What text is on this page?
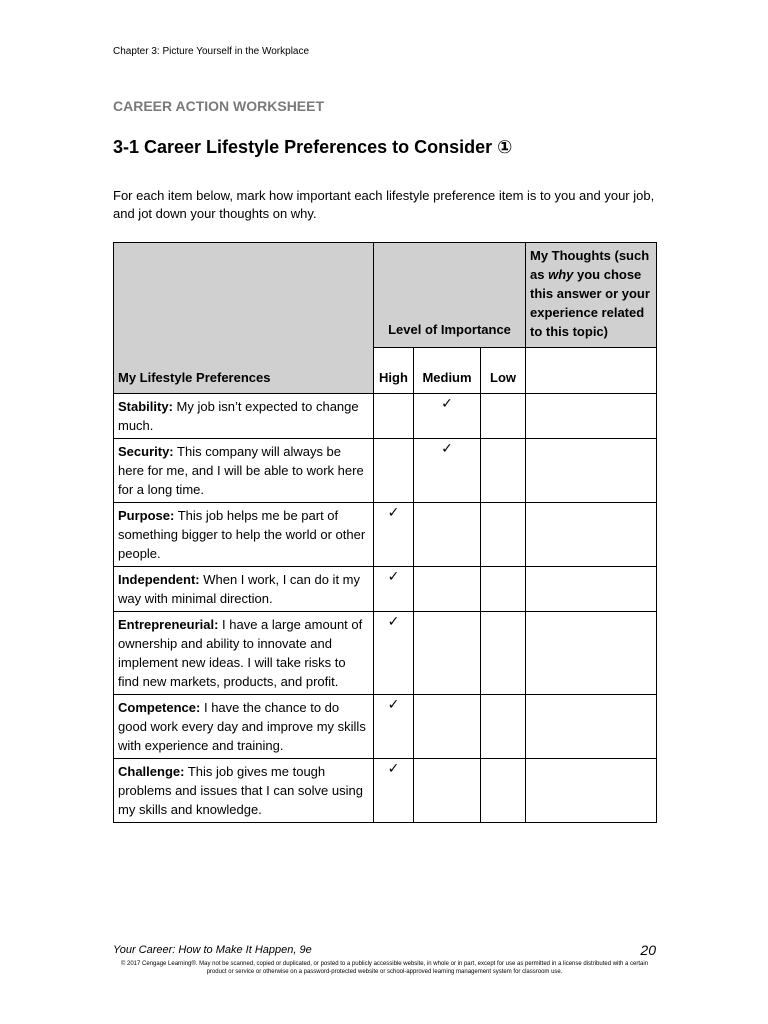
Chapter 3: Picture Yourself in the Workplace
CAREER ACTION WORKSHEET
3-1 Career Lifestyle Preferences to Consider ①
For each item below, mark how important each lifestyle preference item is to you and your job, and jot down your thoughts on why.
My Lifestyle Preferences	Level of Importance			My Thoughts (such as why you chose this answer or your experience related to this topic)
	High	Medium	Low	
Stability: My job isn’t expected to change much.		✓		
Security: This company will always be here for me, and I will be able to work here for a long time.		✓		
Purpose: This job helps me be part of something bigger to help the world or other people.	✓			
Independent: When I work, I can do it my way with minimal direction.	✓			
Entrepreneurial: I have a large amount of ownership and ability to innovate and implement new ideas. I will take risks to find new markets, products, and profit.	✓			
Competence: I have the chance to do good work every day and improve my skills with experience and training.	✓			
Challenge: This job gives me tough problems and issues that I can solve using my skills and knowledge.	✓			
Your Career: How to Make It Happen, 9e	20
© 2017 Cengage Learning®. May not be scanned, copied or duplicated, or posted to a publicly accessible website, in whole or in part, except for use as permitted in a license distributed with a certain product or service or otherwise on a password-protected website or school-approved learning management system for classroom use.
